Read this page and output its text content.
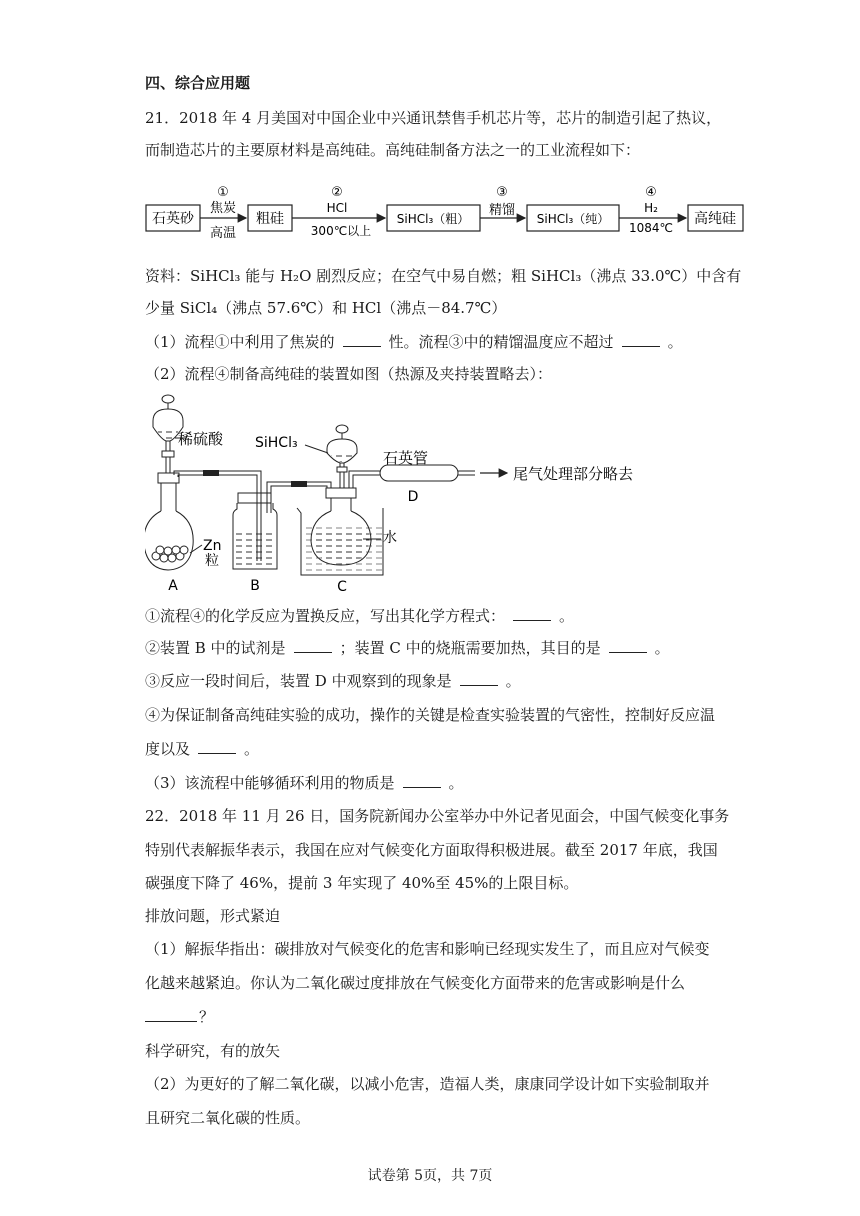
四、综合应用题
21．2018 年 4 月美国对中国企业中兴通讯禁售手机芯片等，芯片的制造引起了热议，
而制造芯片的主要原材料是高纯硅。高纯硅制备方法之一的工业流程如下：
石英砂	粗硅	SiHCl₃（粗）	SiHCl₃（纯）	高纯硅
①
焦炭
高温
②
HCl
300℃以上
③
精馏
④
H₂
1084℃
资料：SiHCl₃ 能与 H₂O 剧烈反应；在空气中易自燃；粗 SiHCl₃（沸点 33.0℃）中含有
少量 SiCl₄（沸点 57.6℃）和 HCl（沸点－84.7℃）
（1）流程①中利用了焦炭的	性。流程③中的精馏温度应不超过	。
（2）流程④制备高纯硅的装置如图（热源及夹持装置略去）：
稀硫酸
Zn
粒
A	B
SiHCl₃
水
C
石英管
D
尾气处理部分略去
①流程④的化学反应为置换反应，写出其化学方程式：	。
②装置 B 中的试剂是	；装置 C 中的烧瓶需要加热，其目的是	。
③反应一段时间后，装置 D 中观察到的现象是	。
④为保证制备高纯硅实验的成功，操作的关键是检查实验装置的气密性，控制好反应温
度以及	。
（3）该流程中能够循环利用的物质是	。
22．2018 年 11 月 26 日，国务院新闻办公室举办中外记者见面会，中国气候变化事务
特别代表解振华表示，我国在应对气候变化方面取得积极进展。截至 2017 年底，我国
碳强度下降了 46%，提前 3 年实现了 40%至 45%的上限目标。
排放问题，形式紧迫
（1）解振华指出：碳排放对气候变化的危害和影响已经现实发生了，而且应对气候变
化越来越紧迫。你认为二氧化碳过度排放在气候变化方面带来的危害或影响是什么
？
科学研究，有的放矢
（2）为更好的了解二氧化碳，以减小危害，造福人类，康康同学设计如下实验制取并
且研究二氧化碳的性质。
试卷第 5页，共 7页
